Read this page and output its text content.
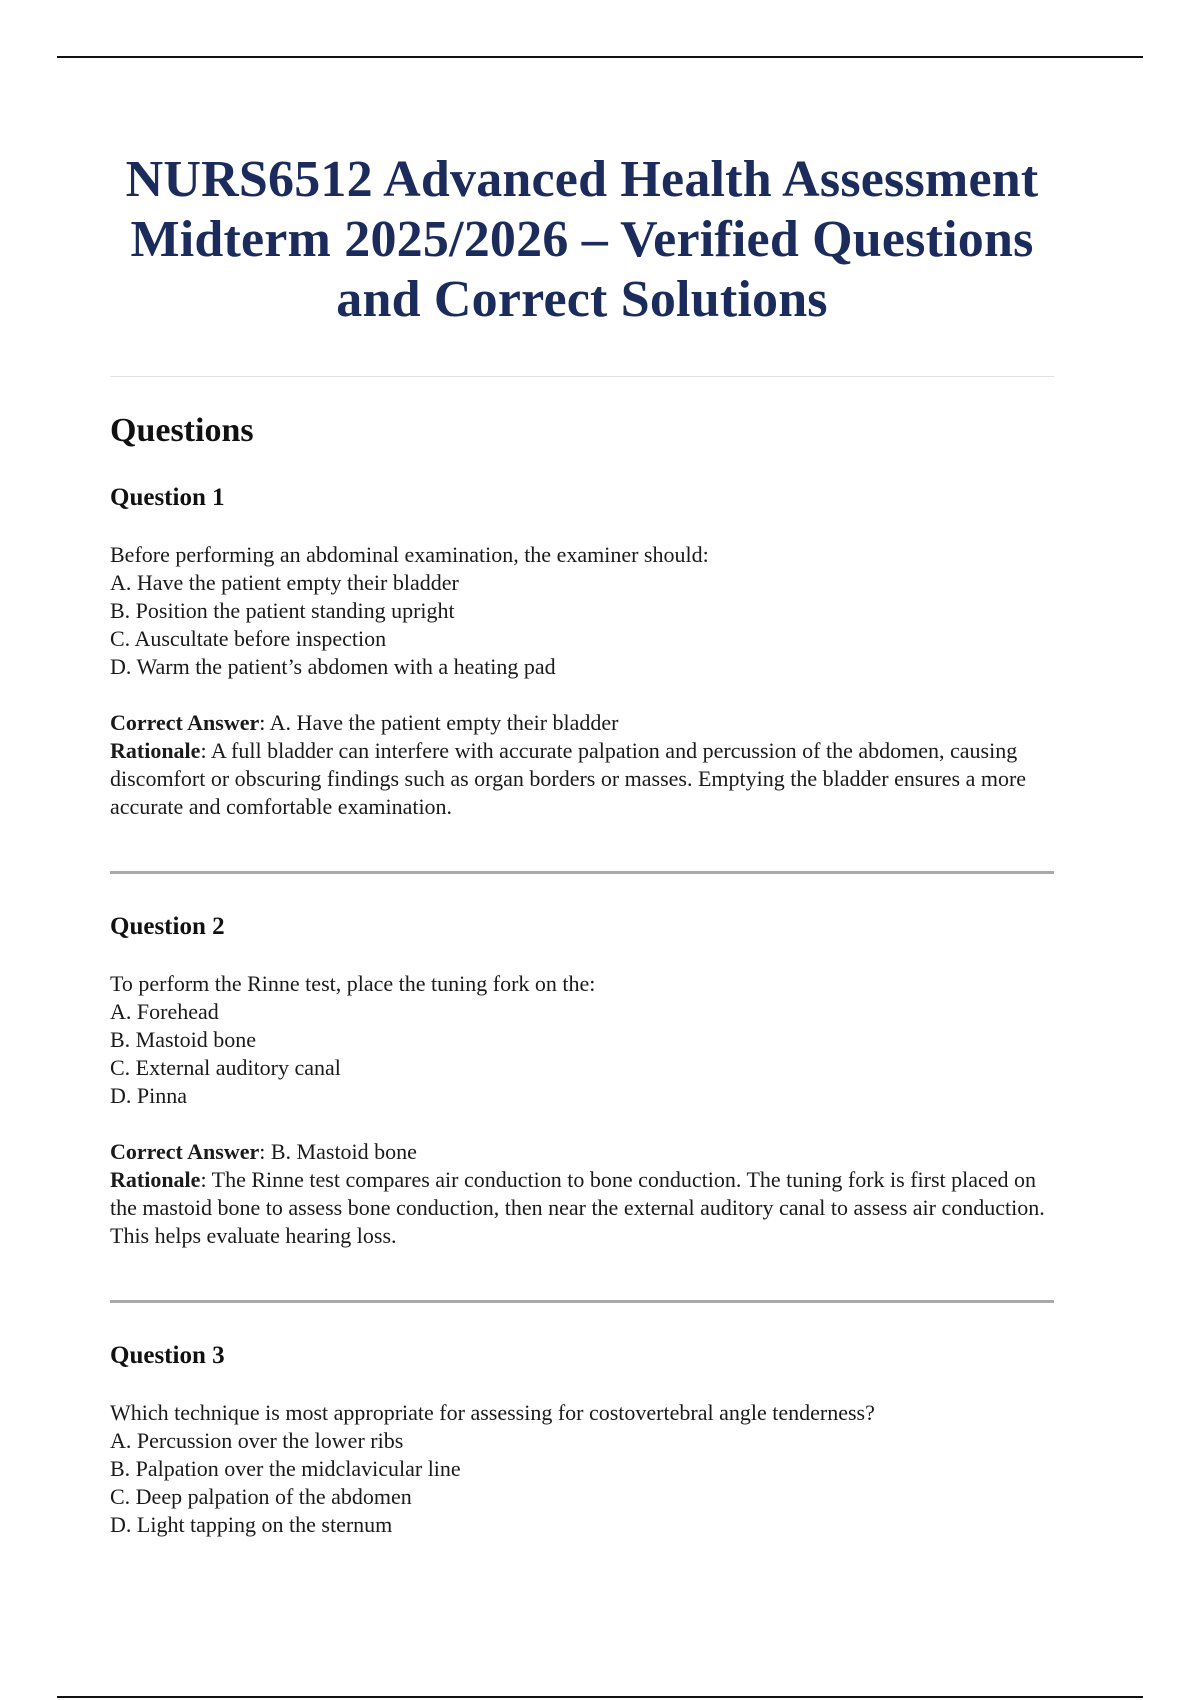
NURS6512 Advanced Health Assessment Midterm 2025/2026 – Verified Questions and Correct Solutions
Questions
Question 1
Before performing an abdominal examination, the examiner should:
A. Have the patient empty their bladder
B. Position the patient standing upright
C. Auscultate before inspection
D. Warm the patient’s abdomen with a heating pad
Correct Answer: A. Have the patient empty their bladder
Rationale: A full bladder can interfere with accurate palpation and percussion of the abdomen, causing discomfort or obscuring findings such as organ borders or masses. Emptying the bladder ensures a more accurate and comfortable examination.
Question 2
To perform the Rinne test, place the tuning fork on the:
A. Forehead
B. Mastoid bone
C. External auditory canal
D. Pinna
Correct Answer: B. Mastoid bone
Rationale: The Rinne test compares air conduction to bone conduction. The tuning fork is first placed on the mastoid bone to assess bone conduction, then near the external auditory canal to assess air conduction. This helps evaluate hearing loss.
Question 3
Which technique is most appropriate for assessing for costovertebral angle tenderness?
A. Percussion over the lower ribs
B. Palpation over the midclavicular line
C. Deep palpation of the abdomen
D. Light tapping on the sternum
